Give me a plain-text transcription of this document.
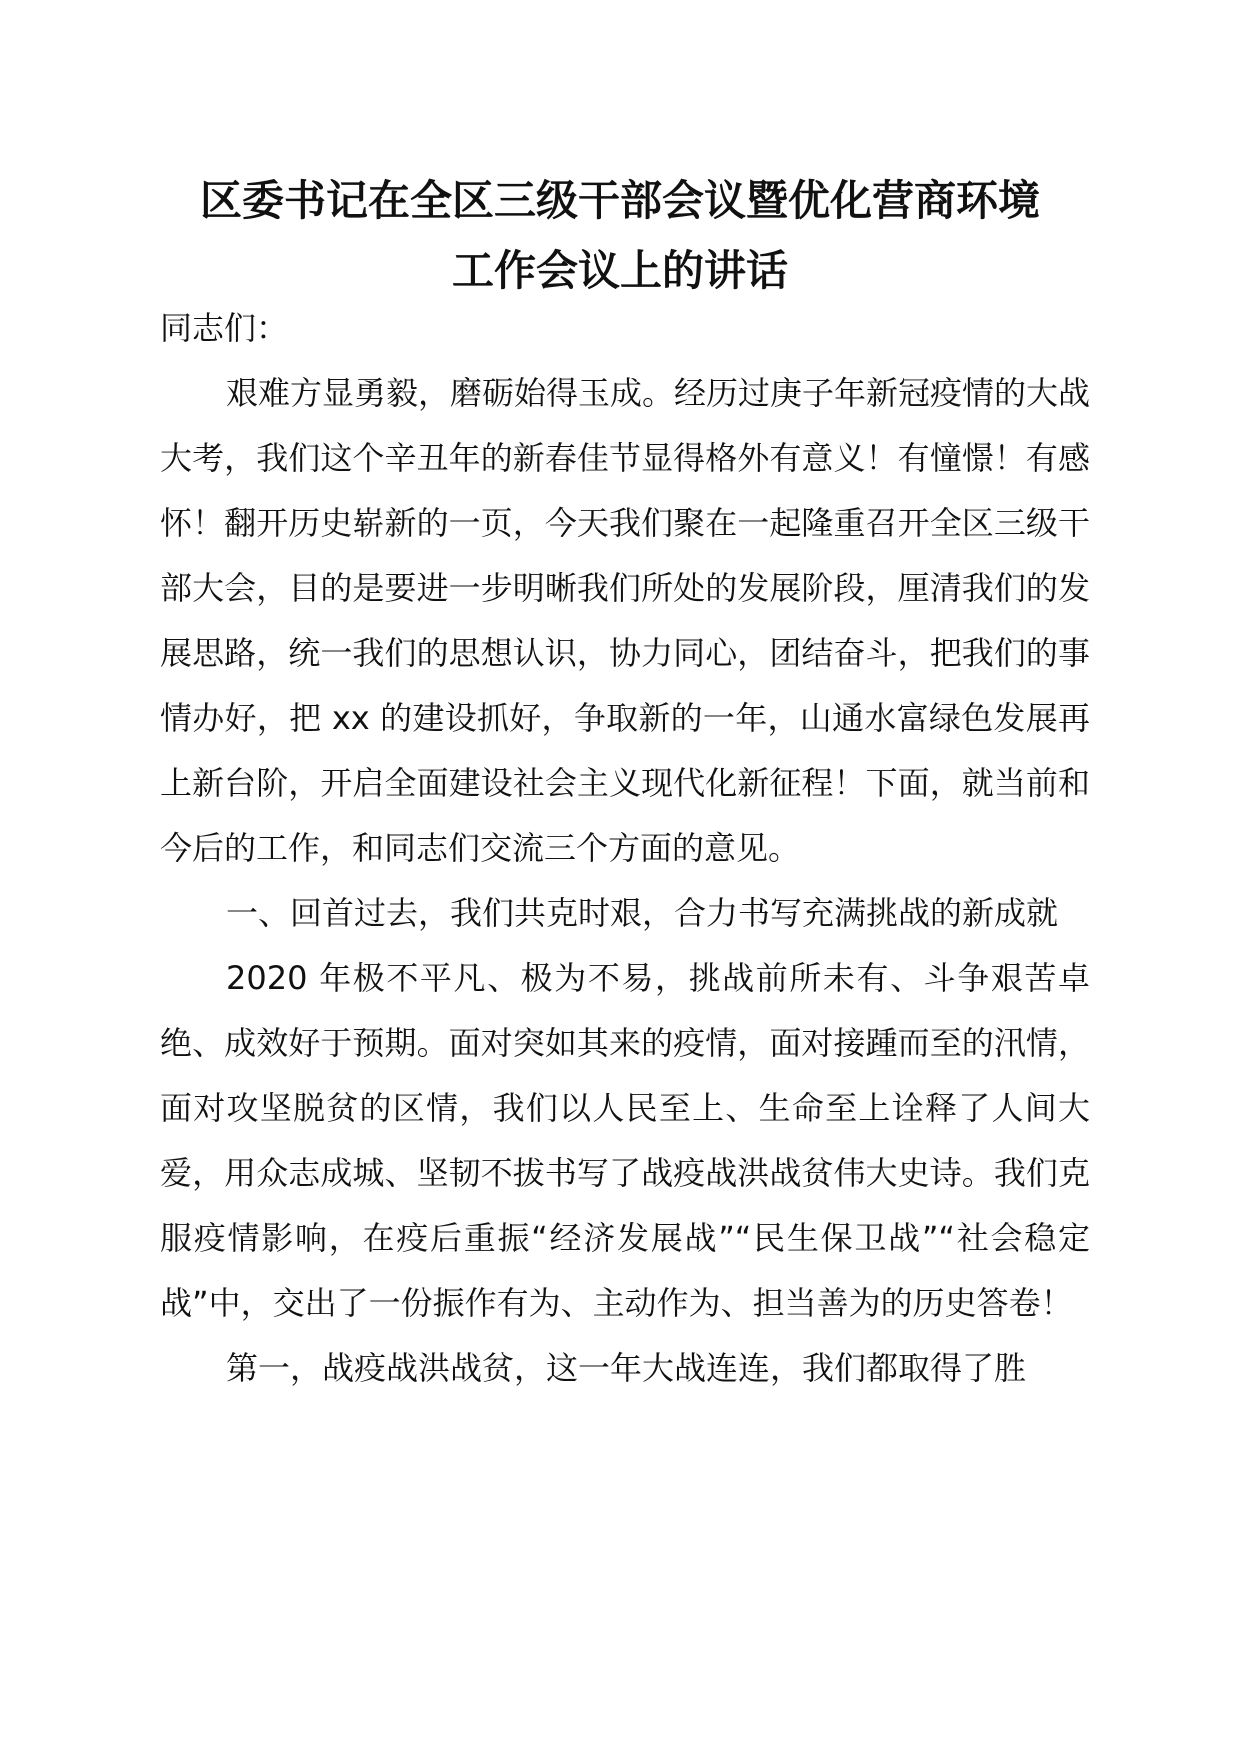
区委书记在全区三级干部会议暨优化营商环境
工作会议上的讲话

同志们：

艰难方显勇毅，磨砺始得玉成。经历过庚子年新冠疫情的大战大考，我们这个辛丑年的新春佳节显得格外有意义！有憧憬！有感怀！翻开历史崭新的一页，今天我们聚在一起隆重召开全区三级干部大会，目的是要进一步明晰我们所处的发展阶段，厘清我们的发展思路，统一我们的思想认识，协力同心，团结奋斗，把我们的事情办好，把 xx 的建设抓好，争取新的一年，山通水富绿色发展再上新台阶，开启全面建设社会主义现代化新征程！下面，就当前和今后的工作，和同志们交流三个方面的意见。

一、回首过去，我们共克时艰，合力书写充满挑战的新成就

2020 年极不平凡、极为不易，挑战前所未有、斗争艰苦卓绝、成效好于预期。面对突如其来的疫情，面对接踵而至的汛情，面对攻坚脱贫的区情，我们以人民至上、生命至上诠释了人间大爱，用众志成城、坚韧不拔书写了战疫战洪战贫伟大史诗。我们克服疫情影响，在疫后重振“经济发展战”“民生保卫战”“社会稳定战”中，交出了一份振作有为、主动作为、担当善为的历史答卷！

第一，战疫战洪战贫，这一年大战连连，我们都取得了胜
